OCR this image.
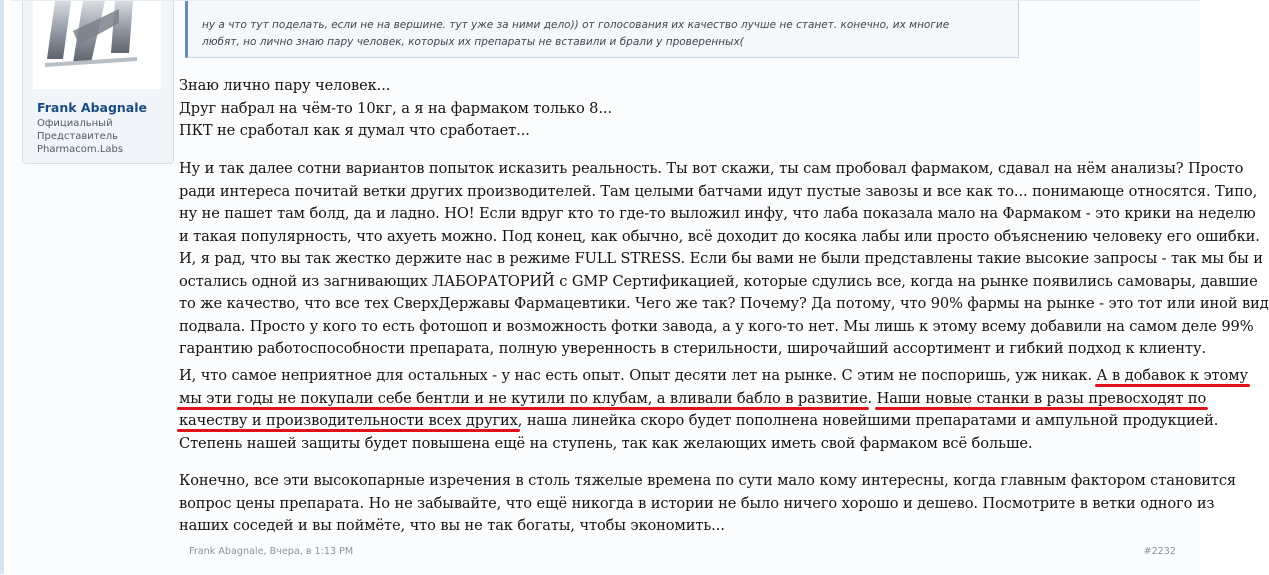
Frank Abagnale
Официальный
Представитель
Pharmacom.Labs
ну а что тут поделать, если не на вершине. тут уже за ними дело)) от голосования их качество лучше не станет. конечно, их многие
любят, но лично знаю пару человек, которых их препараты не вставили и брали у проверенных(
Знаю лично пару человек...
Друг набрал на чём-то 10кг, а я на фармаком только 8...
ПКТ не сработал как я думал что сработает...
Ну и так далее сотни вариантов попыток исказить реальность. Ты вот скажи, ты сам пробовал фармаком, сдавал на нём анализы? Просто
ради интереса почитай ветки других производителей. Там целыми батчами идут пустые завозы и все как то... понимающе относятся. Типо,
ну не пашет там болд, да и ладно. НО! Если вдруг кто то где-то выложил инфу, что лаба показала мало на Фармаком - это крики на неделю
и такая популярность, что ахуеть можно. Под конец, как обычно, всё доходит до косяка лабы или просто объяснению человеку его ошибки.
И, я рад, что вы так жестко держите нас в режиме FULL STRESS. Если бы вами не были представлены такие высокие запросы - так мы бы и
остались одной из загнивающих ЛАБОРАТОРИЙ с GMP Сертификацией, которые сдулись все, когда на рынке появились самовары, давшие
то же качество, что все тех СверхДержавы Фармацевтики. Чего же так? Почему? Да потому, что 90% фармы на рынке - это тот или иной вид
подвала. Просто у кого то есть фотошоп и возможность фотки завода, а у кого-то нет. Мы лишь к этому всему добавили на самом деле 99%
гарантию работоспособности препарата, полную уверенность в стерильности, широчайший ассортимент и гибкий подход к клиенту.
И, что самое неприятное для остальных - у нас есть опыт. Опыт десяти лет на рынке. С этим не поспоришь, уж никак. А в добавок к этому
мы эти годы не покупали себе бентли и не кутили по клубам, а вливали бабло в развитие. Наши новые станки в разы превосходят по
качеству и производительности всех других, наша линейка скоро будет пополнена новейшими препаратами и ампульной продукцией.
Степень нашей защиты будет повышена ещё на ступень, так как желающих иметь свой фармаком всё больше.
Конечно, все эти высокопарные изречения в столь тяжелые времена по сути мало кому интересны, когда главным фактором становится
вопрос цены препарата. Но не забывайте, что ещё никогда в истории не было ничего хорошо и дешево. Посмотрите в ветки одного из
наших соседей и вы поймёте, что вы не так богаты, чтобы экономить...
Frank Abagnale, Вчера, в 1:13 PM	#2232
